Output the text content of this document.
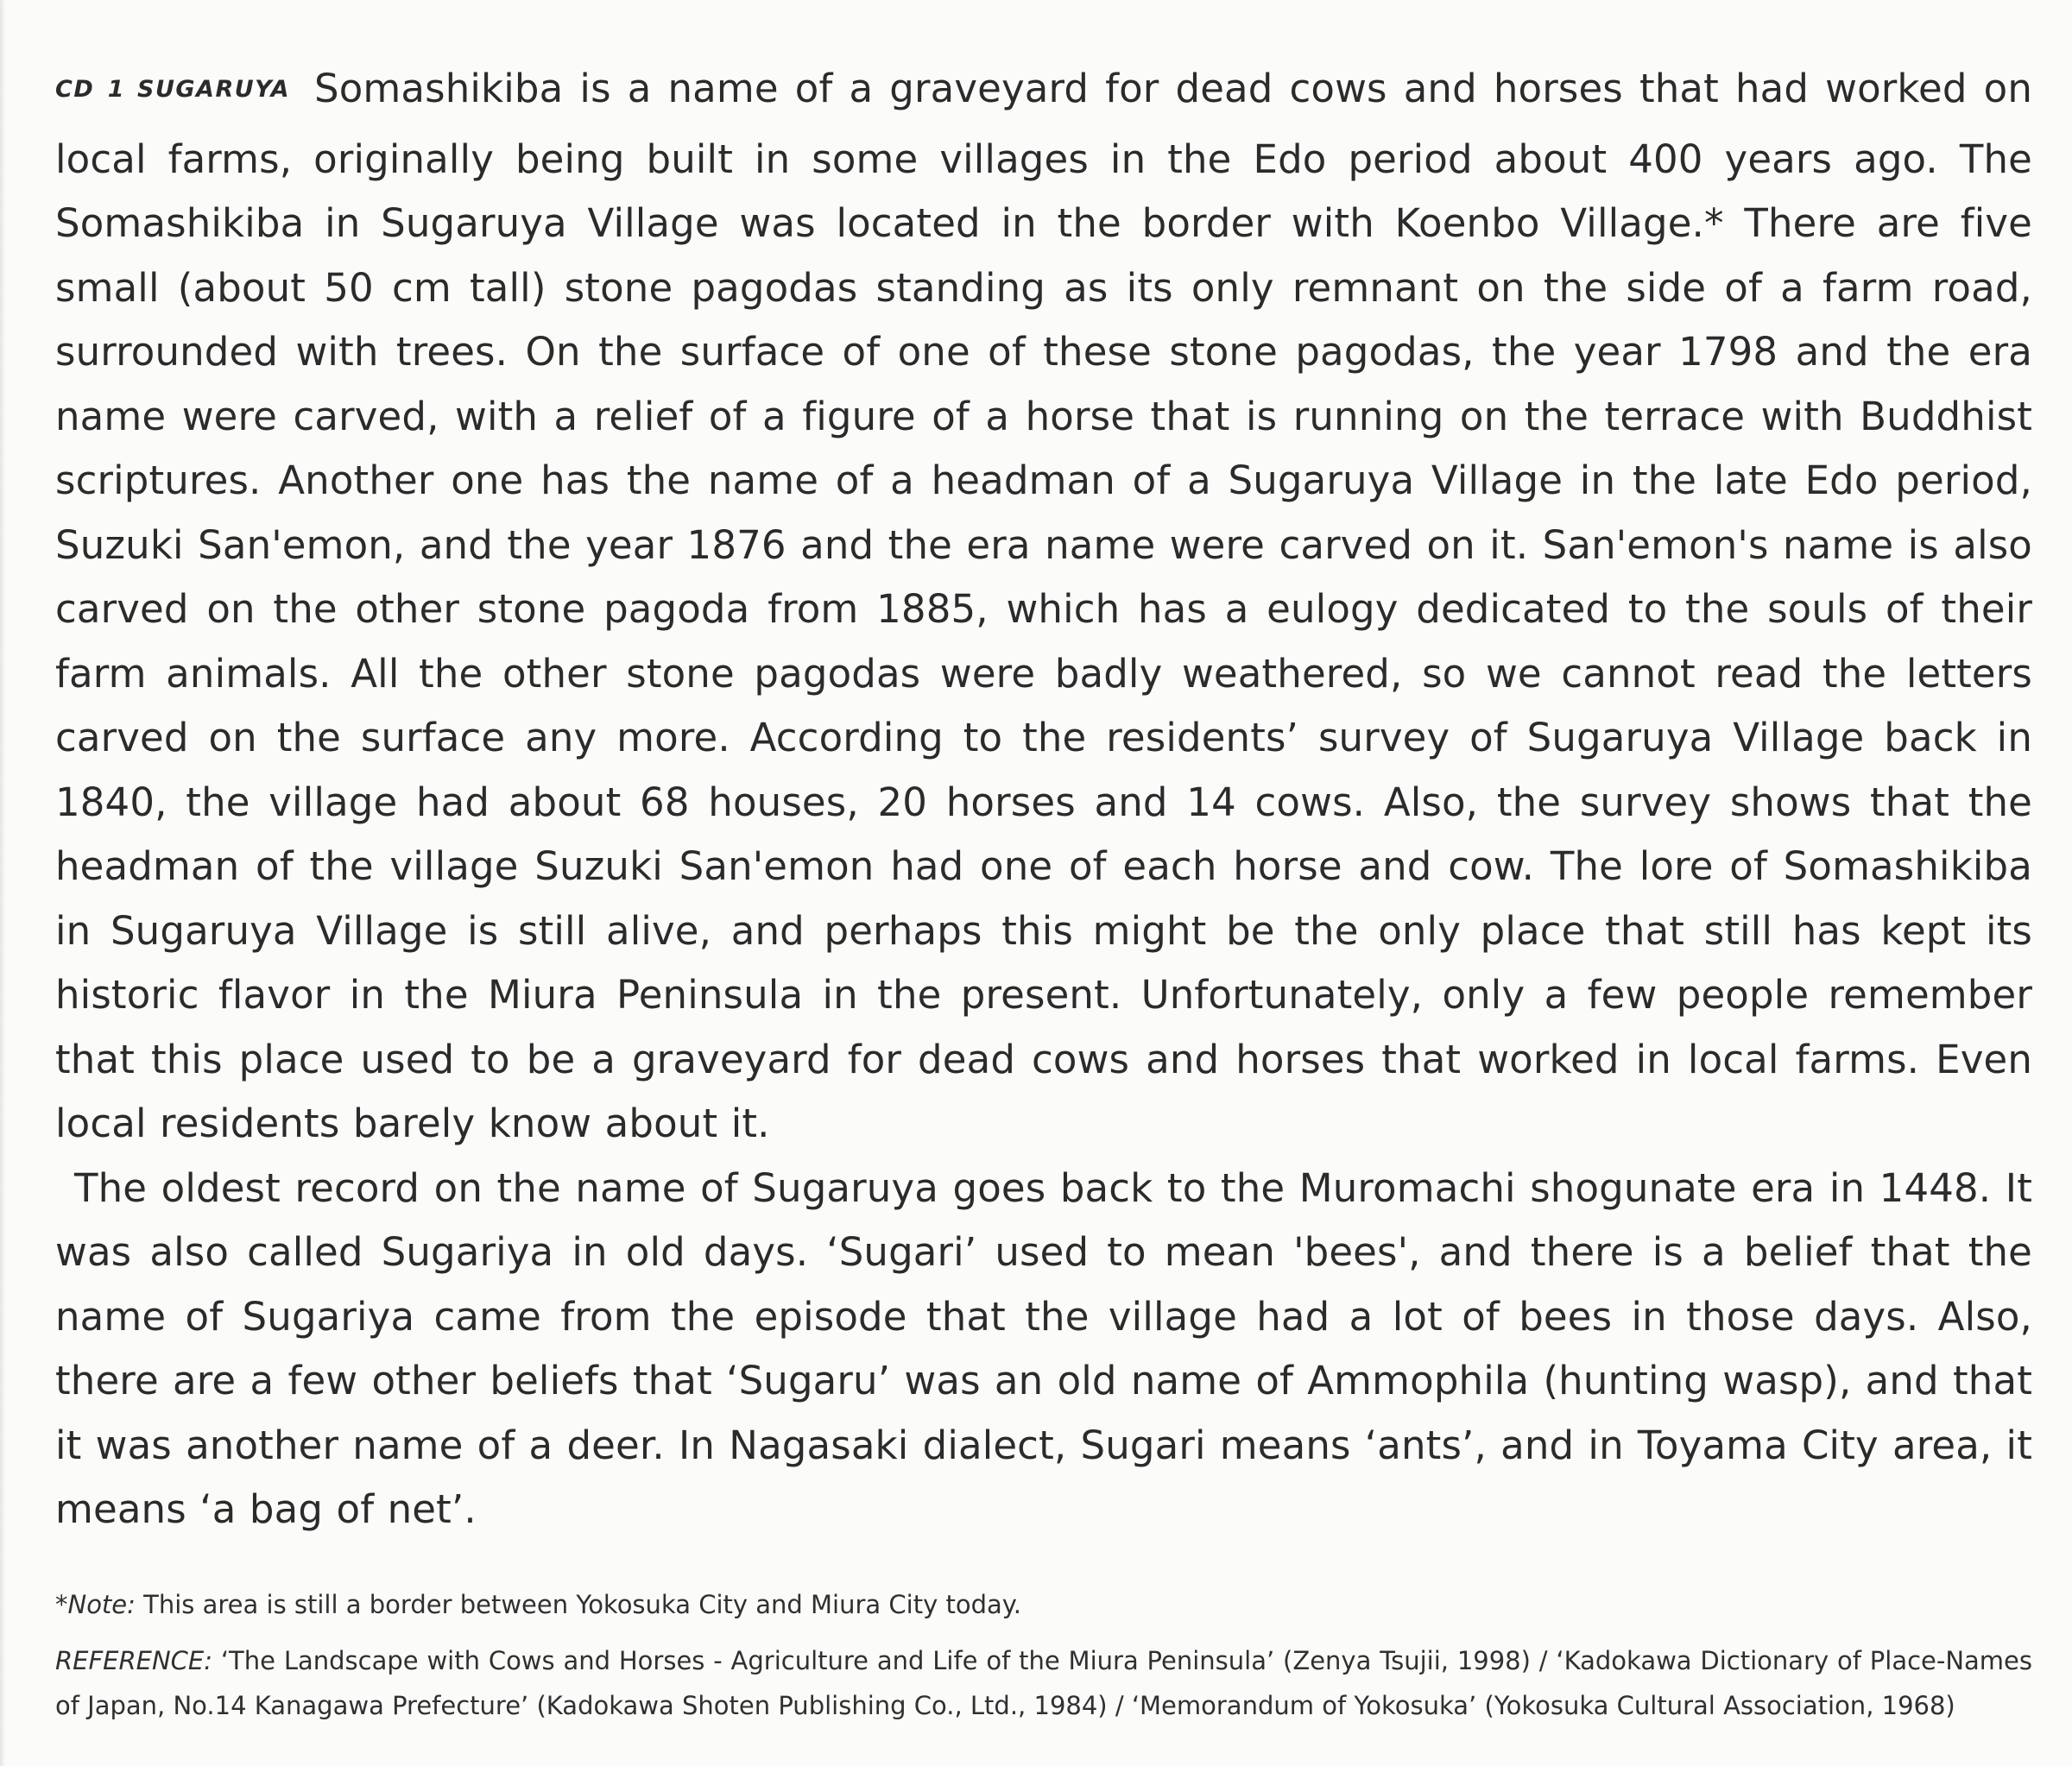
CD 1 SUGARUYA Somashikiba is a name of a graveyard for dead cows and horses that had worked on local farms, originally being built in some villages in the Edo period about 400 years ago. The Somashikiba in Sugaruya Village was located in the border with Koenbo Village.* There are five small (about 50 cm tall) stone pagodas standing as its only remnant on the side of a farm road, surrounded with trees. On the surface of one of these stone pagodas, the year 1798 and the era name were carved, with a relief of a figure of a horse that is running on the terrace with Buddhist scriptures. Another one has the name of a headman of a Sugaruya Village in the late Edo period, Suzuki San'emon, and the year 1876 and the era name were carved on it. San'emon's name is also carved on the other stone pagoda from 1885, which has a eulogy dedicated to the souls of their farm animals. All the other stone pagodas were badly weathered, so we cannot read the letters carved on the surface any more. According to the residents’ survey of Sugaruya Village back in 1840, the village had about 68 houses, 20 horses and 14 cows. Also, the survey shows that the headman of the village Suzuki San'emon had one of each horse and cow. The lore of Somashikiba in Sugaruya Village is still alive, and perhaps this might be the only place that still has kept its historic flavor in the Miura Peninsula in the present. Unfortunately, only a few people remember that this place used to be a graveyard for dead cows and horses that worked in local farms. Even local residents barely know about it.

The oldest record on the name of Sugaruya goes back to the Muromachi shogunate era in 1448. It was also called Sugariya in old days. ‘Sugari’ used to mean 'bees', and there is a belief that the name of Sugariya came from the episode that the village had a lot of bees in those days. Also, there are a few other beliefs that ‘Sugaru’ was an old name of Ammophila (hunting wasp), and that it was another name of a deer. In Nagasaki dialect, Sugari means ‘ants’, and in Toyama City area, it means ‘a bag of net’.

*Note: This area is still a border between Yokosuka City and Miura City today.

REFERENCE: ‘The Landscape with Cows and Horses - Agriculture and Life of the Miura Peninsula’ (Zenya Tsujii, 1998) / ‘Kadokawa Dictionary of Place-Names of Japan, No.14 Kanagawa Prefecture’ (Kadokawa Shoten Publishing Co., Ltd., 1984) / ‘Memorandum of Yokosuka’ (Yokosuka Cultural Association, 1968)
